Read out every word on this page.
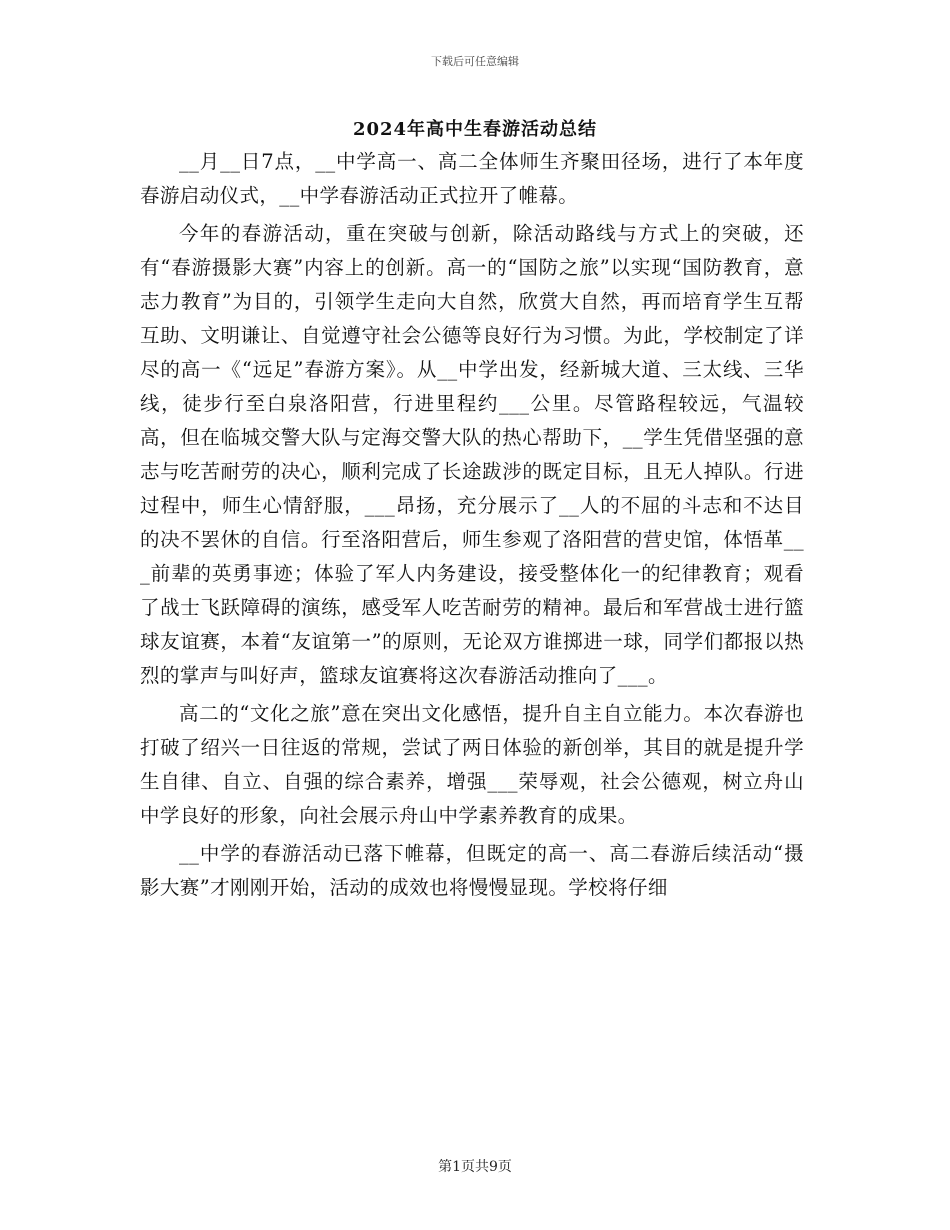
下载后可任意编辑
2024年高中生春游活动总结

__月__日7点，__中学高一、高二全体师生齐聚田径场，进行了本年度春游启动仪式，__中学春游活动正式拉开了帷幕。

今年的春游活动，重在突破与创新，除活动路线与方式上的突破，还有“春游摄影大赛”内容上的创新。高一的“国防之旅”以实现“国防教育，意志力教育”为目的，引领学生走向大自然，欣赏大自然，再而培育学生互帮互助、文明谦让、自觉遵守社会公德等良好行为习惯。为此，学校制定了详尽的高一《“远足”春游方案》。从__中学出发，经新城大道、三太线、三华线，徒步行至白泉洛阳营，行进里程约___公里。尽管路程较远，气温较高，但在临城交警大队与定海交警大队的热心帮助下，__学生凭借坚强的意志与吃苦耐劳的决心，顺利完成了长途跋涉的既定目标，且无人掉队。行进过程中，师生心情舒服，___昂扬，充分展示了__人的不屈的斗志和不达目的决不罢休的自信。行至洛阳营后，师生参观了洛阳营的营史馆，体悟革___前辈的英勇事迹；体验了军人内务建设，接受整体化一的纪律教育；观看了战士飞跃障碍的演练，感受军人吃苦耐劳的精神。最后和军营战士进行篮球友谊赛，本着“友谊第一”的原则，无论双方谁掷进一球，同学们都报以热烈的掌声与叫好声，篮球友谊赛将这次春游活动推向了___。

高二的“文化之旅”意在突出文化感悟，提升自主自立能力。本次春游也打破了绍兴一日往返的常规，尝试了两日体验的新创举，其目的就是提升学生自律、自立、自强的综合素养，增强___荣辱观，社会公德观，树立舟山中学良好的形象，向社会展示舟山中学素养教育的成果。

__中学的春游活动已落下帷幕，但既定的高一、高二春游后续活动“摄影大赛”才刚刚开始，活动的成效也将慢慢显现。学校将仔细

第1页共9页
